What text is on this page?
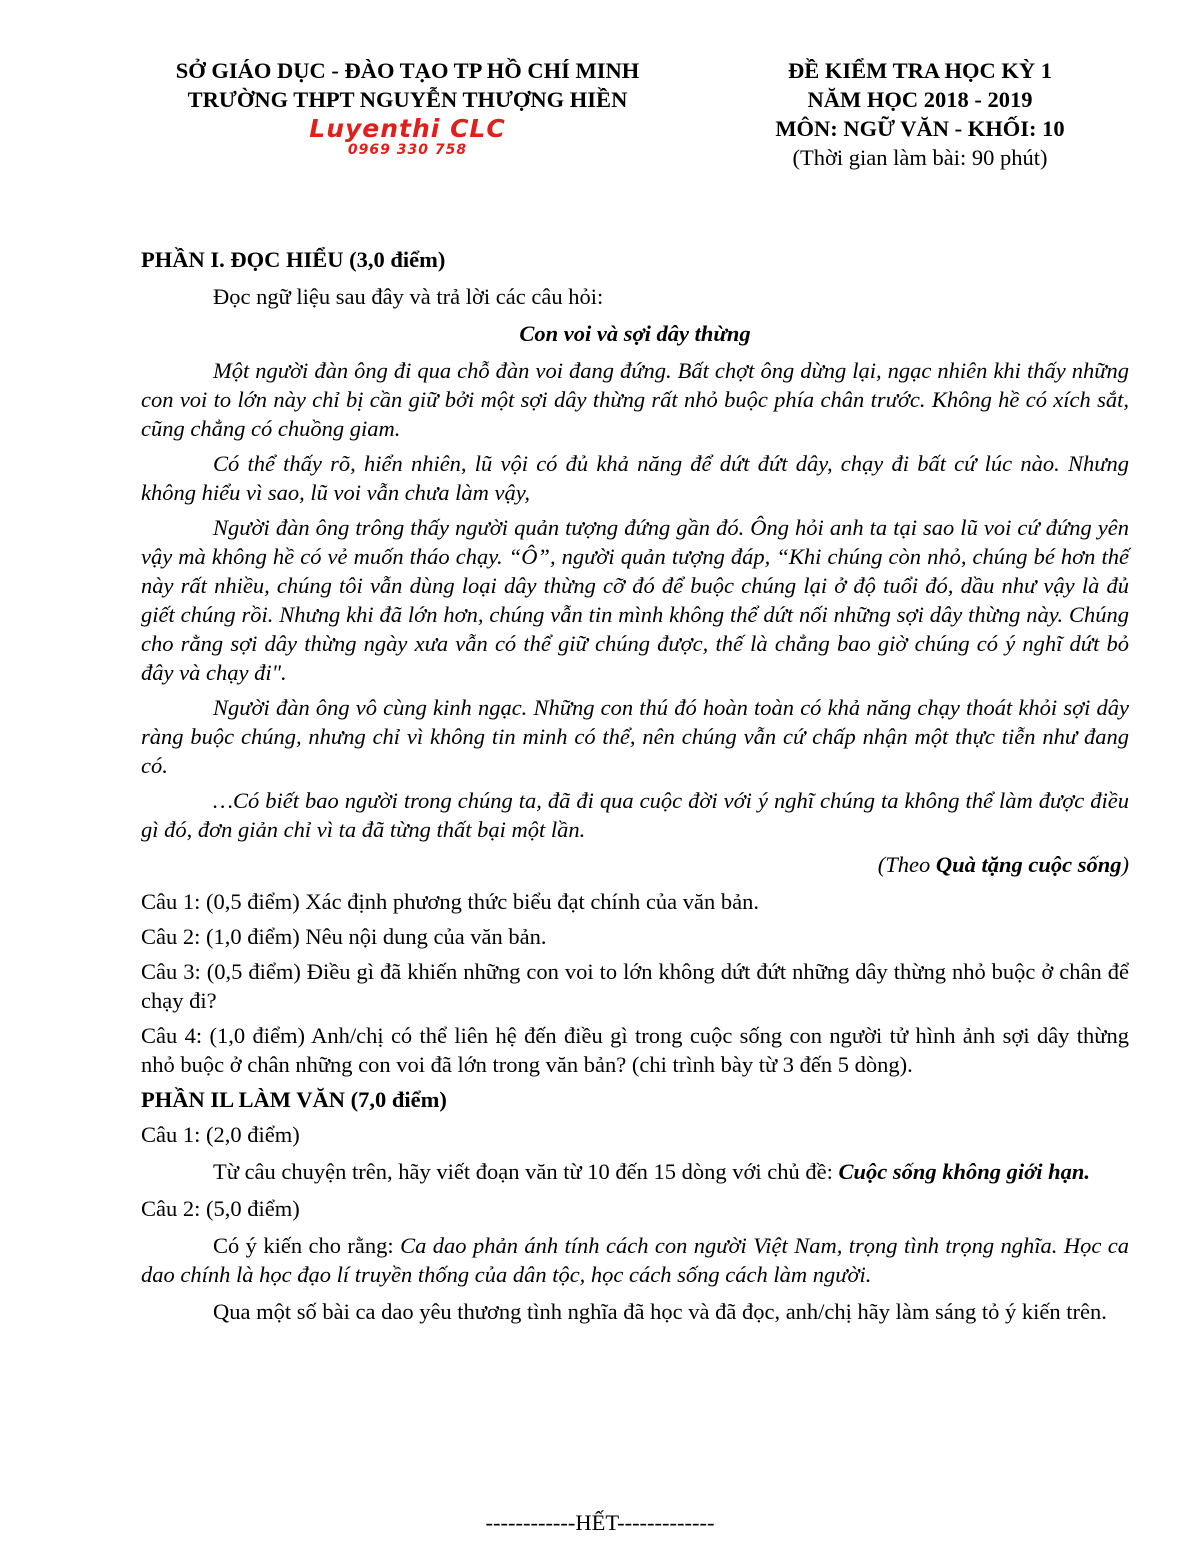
SỞ GIÁO DỤC - ĐÀO TẠO TP HỒ CHÍ MINH
TRƯỜNG THPT NGUYỄN THƯỢNG HIỀN
Luyenthi CLC
0969 330 758
ĐỀ KIỂM TRA HỌC KỲ 1
NĂM HỌC 2018 - 2019
MÔN: NGỮ VĂN - KHỐI: 10
(Thời gian làm bài: 90 phút)

PHẦN I. ĐỌC HIỂU (3,0 điểm)

Đọc ngữ liệu sau đây và trả lời các câu hỏi:

Con voi và sợi dây thừng

Một người đàn ông đi qua chỗ đàn voi đang đứng. Bất chợt ông dừng lại, ngạc nhiên khi thấy những con voi to lớn này chỉ bị cần giữ bởi một sợi dây thừng rất nhỏ buộc phía chân trước. Không hề có xích sắt, cũng chẳng có chuồng giam.

Có thể thấy rõ, hiển nhiên, lũ vội có đủ khả năng để dứt đứt dây, chạy đi bất cứ lúc nào. Nhưng không hiểu vì sao, lũ voi vẫn chưa làm vậy,

Người đàn ông trông thấy người quản tượng đứng gần đó. Ông hỏi anh ta tại sao lũ voi cứ đứng yên vậy mà không hề có vẻ muốn tháo chạy. “Ô”, người quản tượng đáp, “Khi chúng còn nhỏ, chúng bé hơn thế này rất nhiều, chúng tôi vẫn dùng loại dây thừng cỡ đó để buộc chúng lại ở độ tuổi đó, dầu như vậy là đủ giết chúng rồi. Nhưng khi đã lớn hơn, chúng vẫn tin mình không thể dứt nối những sợi dây thừng này. Chúng cho rằng sợi dây thừng ngày xưa vẫn có thể giữ chúng được, thế là chẳng bao giờ chúng có ý nghĩ dứt bỏ đây và chạy đi".

Người đàn ông vô cùng kinh ngạc. Những con thú đó hoàn toàn có khả năng chạy thoát khỏi sợi dây ràng buộc chúng, nhưng chỉ vì không tin minh có thể, nên chúng vẫn cứ chấp nhận một thực tiễn như đang có.

…Có biết bao người trong chúng ta, đã đi qua cuộc đời với ý nghĩ chúng ta không thể làm được điều gì đó, đơn giản chỉ vì ta đã từng thất bại một lần.

(Theo Quà tặng cuộc sống)

Câu 1: (0,5 điểm) Xác định phương thức biểu đạt chính của văn bản.

Câu 2: (1,0 điểm) Nêu nội dung của văn bản.

Câu 3: (0,5 điểm) Điều gì đã khiến những con voi to lớn không dứt đứt những dây thừng nhỏ buộc ở chân để chạy đi?

Câu 4: (1,0 điểm) Anh/chị có thể liên hệ đến điều gì trong cuộc sống con người tử hình ảnh sợi dây thừng nhỏ buộc ở chân những con voi đã lớn trong văn bản? (chi trình bày từ 3 đến 5 dòng).

PHẦN IL LÀM VĂN (7,0 điểm)

Câu 1: (2,0 điểm)

Từ câu chuyện trên, hãy viết đoạn văn từ 10 đến 15 dòng với chủ đề: Cuộc sống không giới hạn.

Câu 2: (5,0 điểm)

Có ý kiến cho rằng: Ca dao phản ánh tính cách con người Việt Nam, trọng tình trọng nghĩa. Học ca dao chính là học đạo lí truyền thống của dân tộc, học cách sống cách làm người.

Qua một số bài ca dao yêu thương tình nghĩa đã học và đã đọc, anh/chị hãy làm sáng tỏ ý kiến trên.

------------HẾT-------------
